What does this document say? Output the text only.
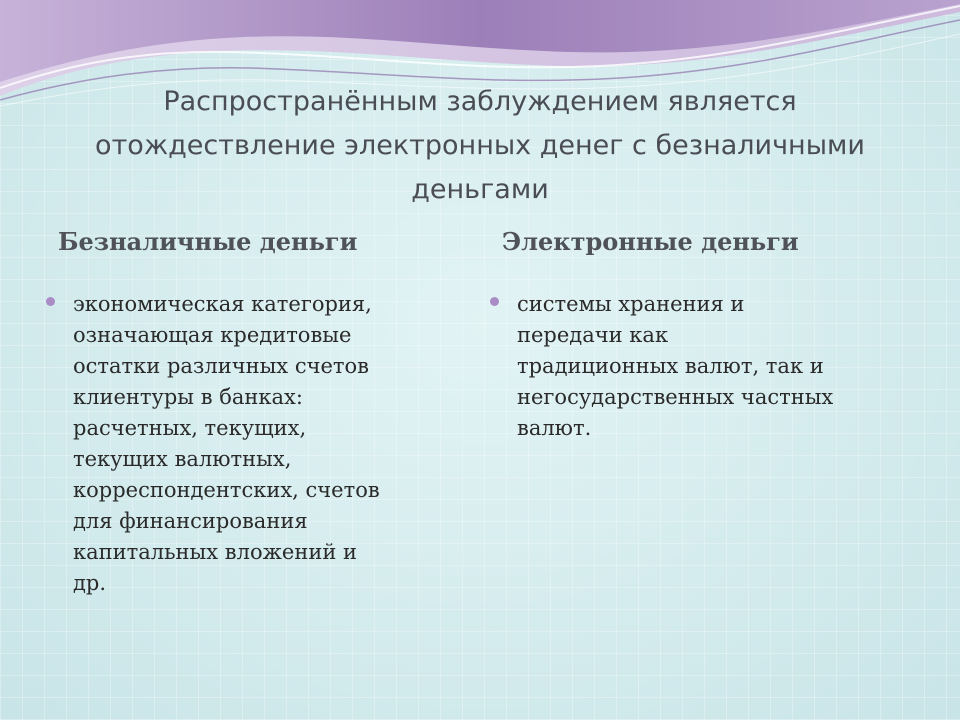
Распространённым заблуждением является
отождествление электронных денег с безналичными
деньгами
Безналичные деньги	Электронные деньги

экономическая категория,
означающая кредитовые
остатки различных счетов
клиентуры в банках:
расчетных, текущих,
текущих валютных,
корреспондентских, счетов
для финансирования
капитальных вложений и
др.

системы хранения и
передачи как
традиционных валют, так и
негосударственных частных
валют.
